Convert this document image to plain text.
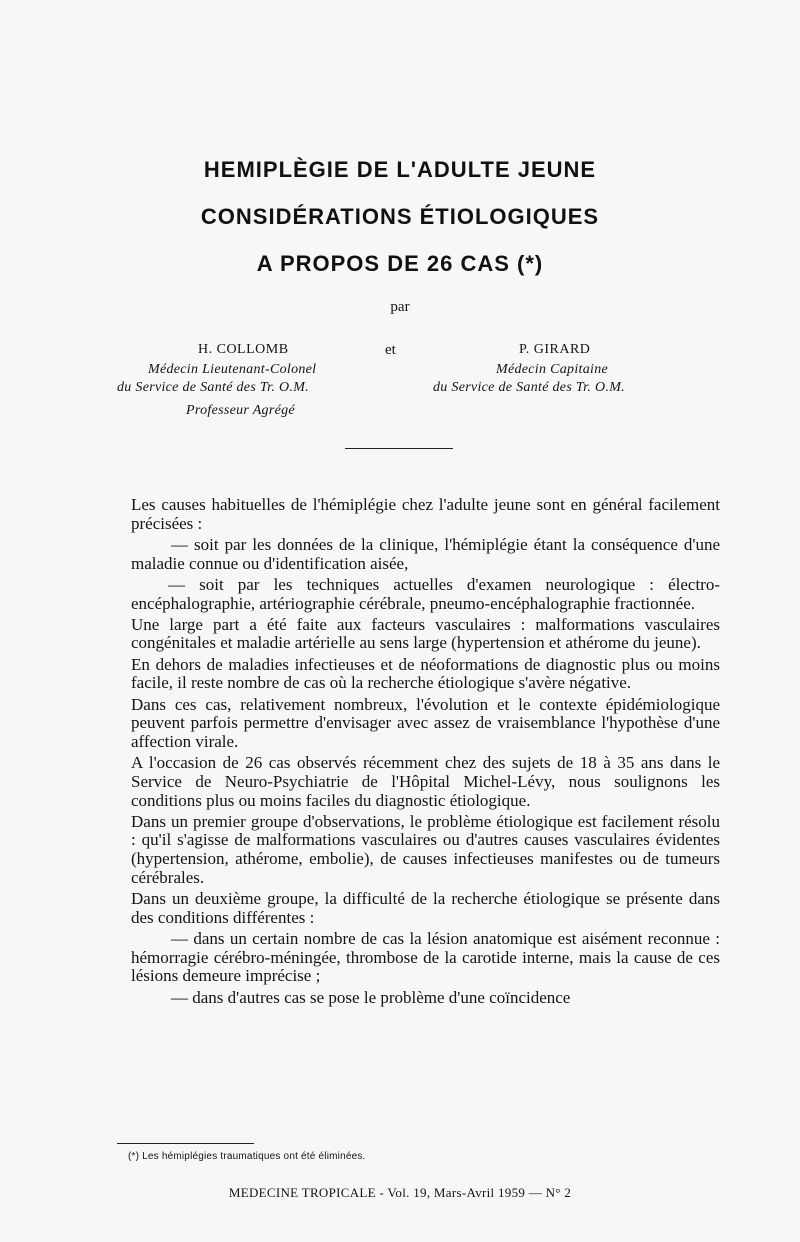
HEMIPLÈGIE DE L'ADULTE JEUNE
CONSIDÉRATIONS ÉTIOLOGIQUES
A PROPOS DE 26 CAS (*)
par
H. COLLOMB	et	P. GIRARD
Médecin Lieutenant-Colonel
du Service de Santé des Tr. O.M.
Professeur Agrégé
Médecin Capitaine
du Service de Santé des Tr. O.M.

Les causes habituelles de l'hémiplégie chez l'adulte jeune sont en général facilement précisées :

— soit par les données de la clinique, l'hémiplégie étant la conséquence d'une maladie connue ou d'identification aisée,

— soit par les techniques actuelles d'examen neurologique : électro-encéphalographie, artériographie cérébrale, pneumo-encéphalographie fractionnée.

Une large part a été faite aux facteurs vasculaires : malformations vasculaires congénitales et maladie artérielle au sens large (hypertension et athérome du jeune).

En dehors de maladies infectieuses et de néoformations de diagnostic plus ou moins facile, il reste nombre de cas où la recherche étiologique s'avère négative.

Dans ces cas, relativement nombreux, l'évolution et le contexte épidémiologique peuvent parfois permettre d'envisager avec assez de vraisemblance l'hypothèse d'une affection virale.

A l'occasion de 26 cas observés récemment chez des sujets de 18 à 35 ans dans le Service de Neuro-Psychiatrie de l'Hôpital Michel-Lévy, nous soulignons les conditions plus ou moins faciles du diagnostic étiologique.

Dans un premier groupe d'observations, le problème étiologique est facilement résolu : qu'il s'agisse de malformations vasculaires ou d'autres causes vasculaires évidentes (hypertension, athérome, embolie), de causes infectieuses manifestes ou de tumeurs cérébrales.

Dans un deuxième groupe, la difficulté de la recherche étiologique se présente dans des conditions différentes :

— dans un certain nombre de cas la lésion anatomique est aisément reconnue : hémorragie cérébro-méningée, thrombose de la carotide interne, mais la cause de ces lésions demeure imprécise ;

— dans d'autres cas se pose le problème d'une coïncidence

(*) Les hémiplégies traumatiques ont été éliminées.
MEDECINE TROPICALE - Vol. 19, Mars-Avril 1959 — N° 2
